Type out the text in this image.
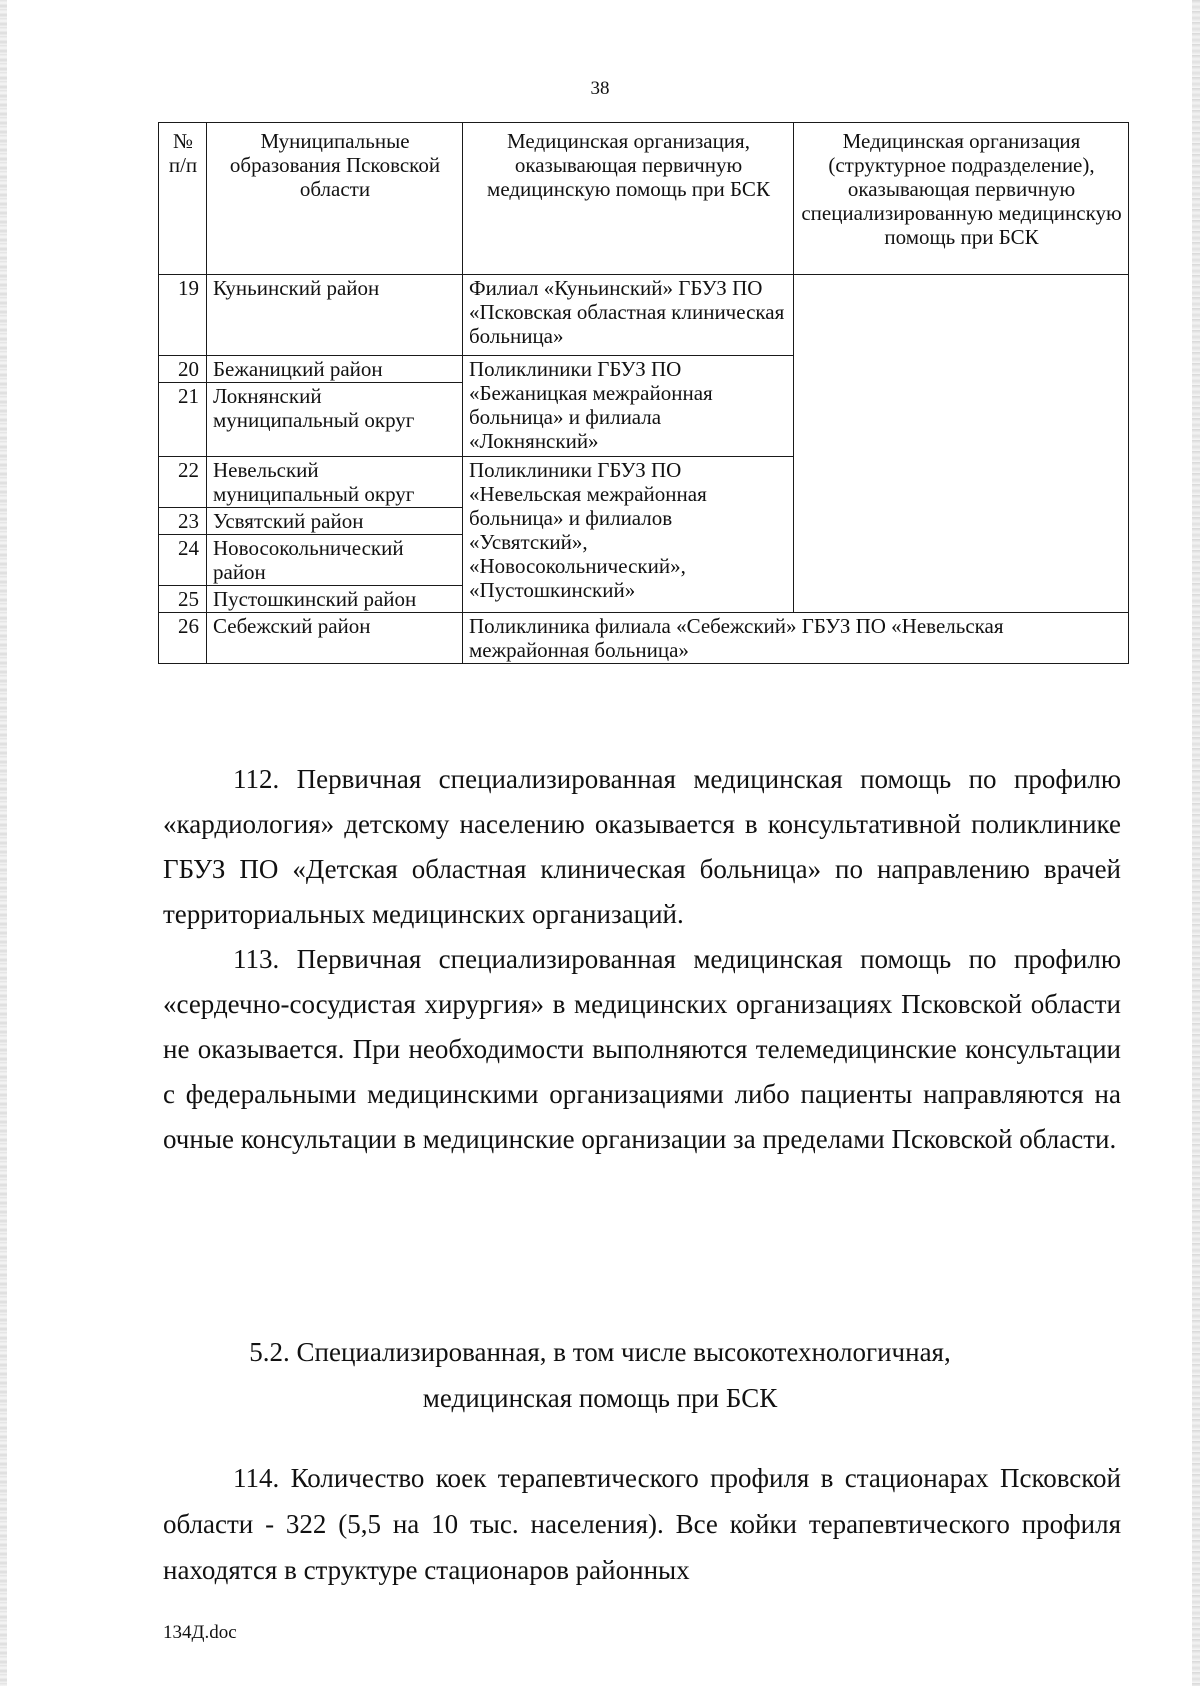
38
№ п/п	Муниципальные образования Псковской области	Медицинская организация, оказывающая первичную медицинскую помощь при БСК	Медицинская организация (структурное подразделение), оказывающая первичную специализированную медицинскую помощь при БСК
19	Куньинский район	Филиал «Куньинский» ГБУЗ ПО «Псковская областная клиническая больница»	
20	Бежаницкий район	Поликлиники ГБУЗ ПО «Бежаницкая межрайонная больница» и филиала «Локнянский»	
21	Локнянский муниципальный округ		
22	Невельский муниципальный округ	Поликлиники ГБУЗ ПО «Невельская межрайонная больница» и филиалов «Усвятский», «Новосокольнический», «Пустошкинский»	
23	Усвятский район		
24	Новосокольнический район		
25	Пустошкинский район		
26	Себежский район	Поликлиника филиала «Себежский» ГБУЗ ПО «Невельская межрайонная больница»	

112. Первичная специализированная медицинская помощь по профилю «кардиология» детскому населению оказывается в консультативной поликлинике ГБУЗ ПО «Детская областная клиническая больница» по направлению врачей территориальных медицинских организаций.

113. Первичная специализированная медицинская помощь по профилю «сердечно-сосудистая хирургия» в медицинских организациях Псковской области не оказывается. При необходимости выполняются телемедицинские консультации с федеральными медицинскими организациями либо пациенты направляются на очные консультации в медицинские организации за пределами Псковской области.

5.2. Специализированная, в том числе высокотехнологичная,
медицинская помощь при БСК

114. Количество коек терапевтического профиля в стационарах Псковской области - 322 (5,5 на 10 тыс. населения). Все койки терапевтического профиля находятся в структуре стационаров районных

134Д.doc
